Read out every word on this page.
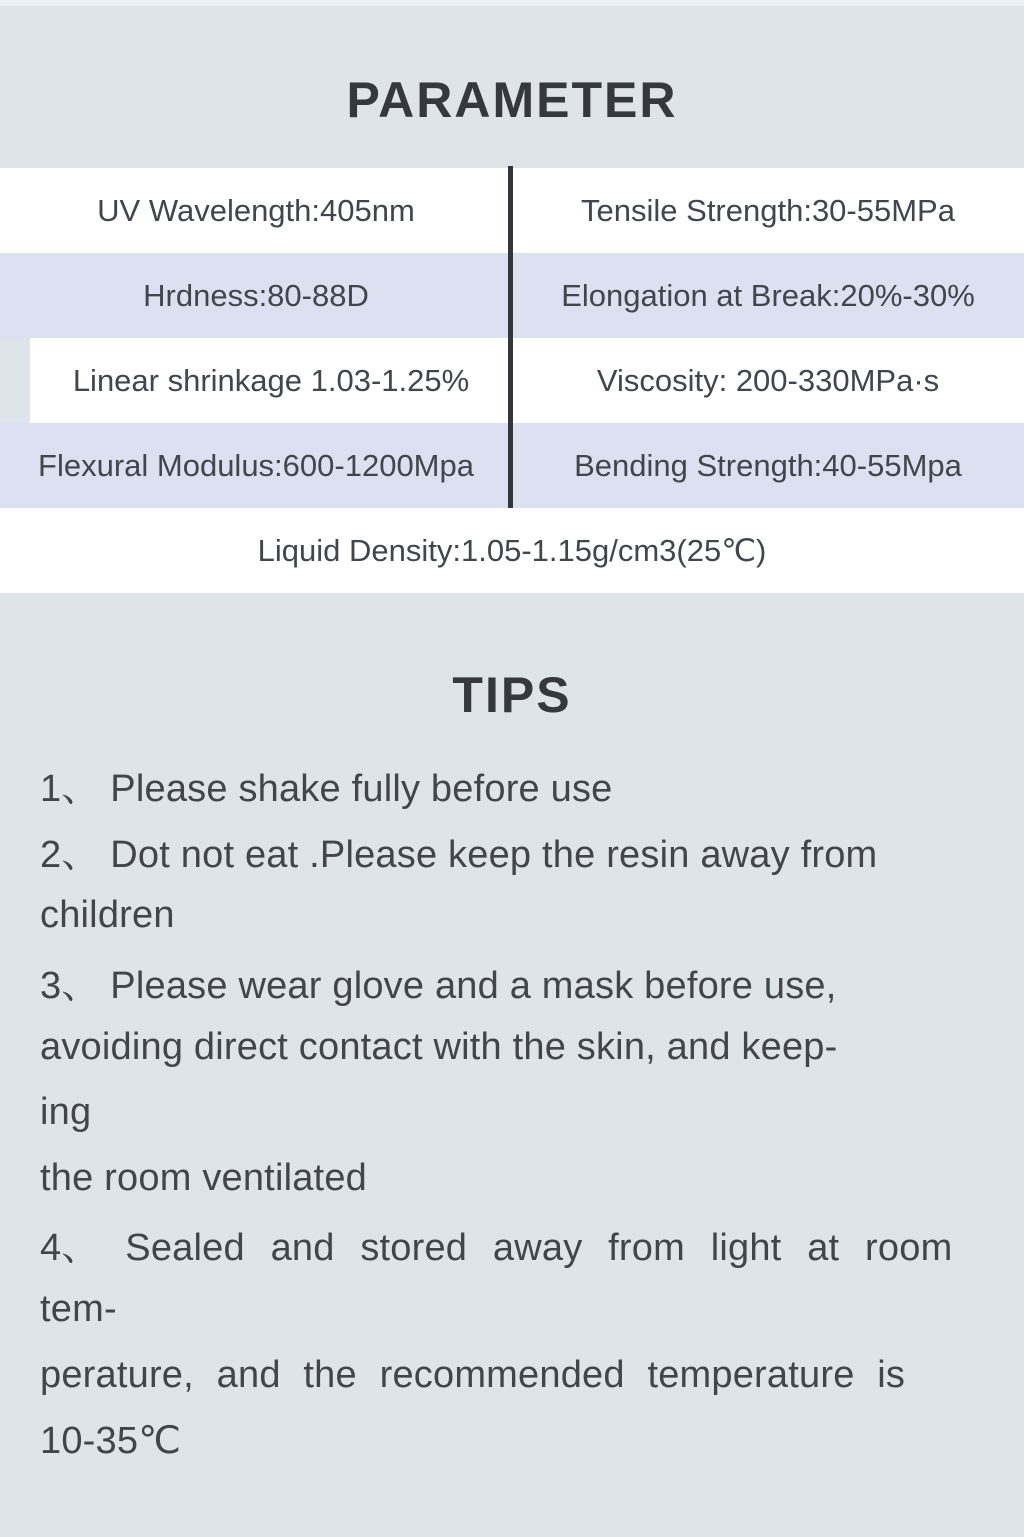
PARAMETER
UV Wavelength:405nm	Tensile Strength:30-55MPa
Hrdness:80-88D	Elongation at Break:20%-30%
Linear shrinkage 1.03-1.25%	Viscosity: 200-330MPa·s
Flexural Modulus:600-1200Mpa	Bending Strength:40-55Mpa
Liquid Density:1.05-1.15g/cm3(25℃)
TIPS
1、 Please shake fully before use
2、 Dot not eat .Please keep the resin away from
children
3、 Please wear glove and a mask before use,
avoiding direct contact with the skin, and keep-
ing
the room ventilated
4、 Sealed and stored away from light at room
tem-
perature, and the recommended temperature is
10-35℃
